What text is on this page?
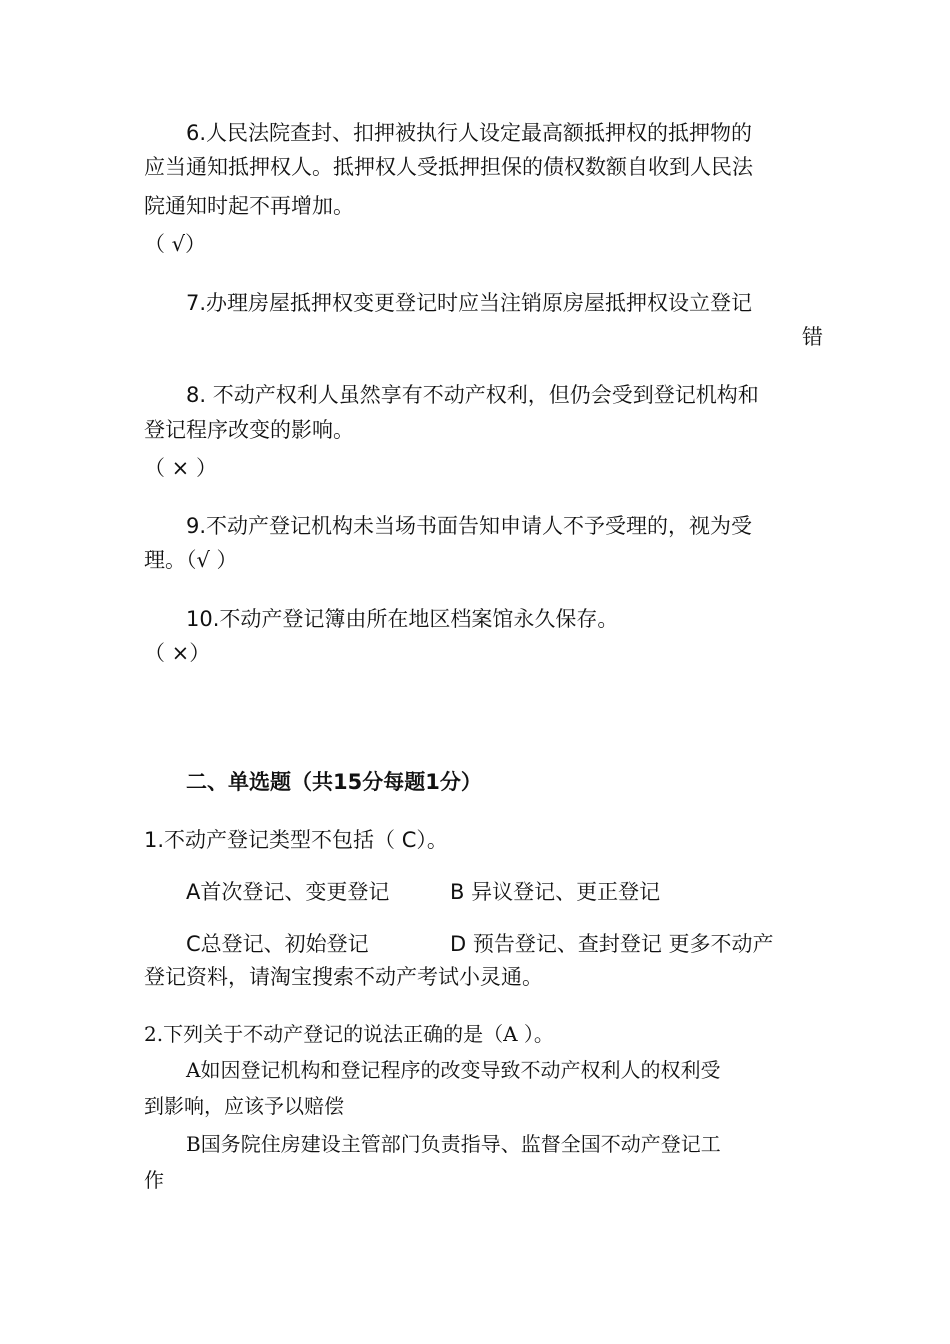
6.人民法院查封、扣押被执行人设定最高额抵押权的抵押物的
应当通知抵押权人。抵押权人受抵押担保的债权数额自收到人民法
院通知时起不再增加。
（ √）
7.办理房屋抵押权变更登记时应当注销原房屋抵押权设立登记
错
8. 不动产权利人虽然享有不动产权利，但仍会受到登记机构和
登记程序改变的影响。
（ × ）
9.不动产登记机构未当场书面告知申请人不予受理的，视为受
理。（√ ）
10.不动产登记簿由所在地区档案馆永久保存。
（ ×）
二、单选题（共15分每题1分）
1.不动产登记类型不包括（ C）。
A首次登记、变更登记	B 异议登记、更正登记
C总登记、初始登记	D 预告登记、查封登记 更多不动产
登记资料，请淘宝搜索不动产考试小灵通。
2.下列关于不动产登记的说法正确的是（A ）。
A如因登记机构和登记程序的改变导致不动产权利人的权利受
到影响，应该予以赔偿
B国务院住房建设主管部门负责指导、监督全国不动产登记工
作
